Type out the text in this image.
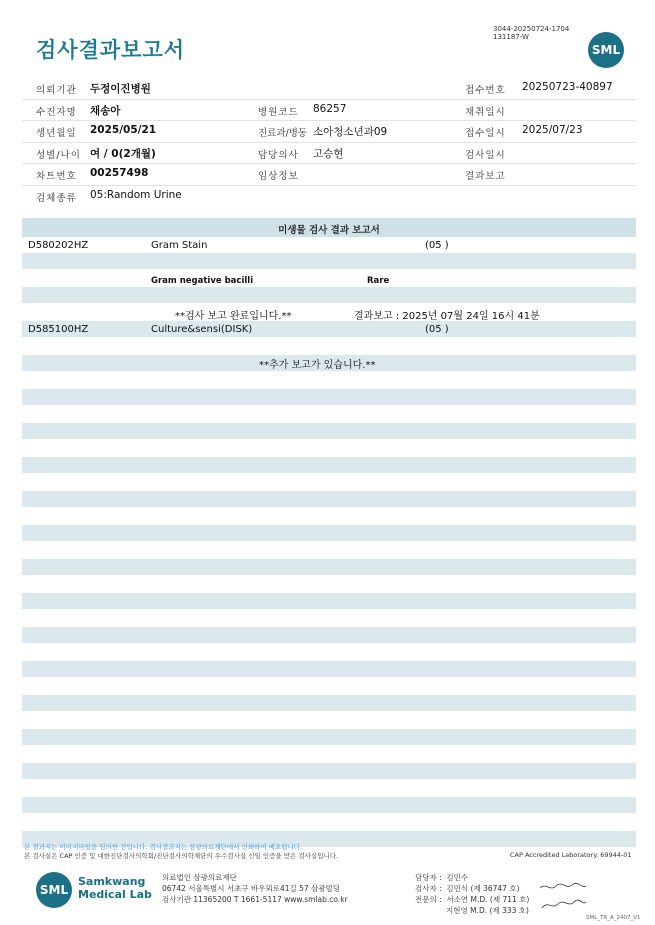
검사결과보고서
3044-20250724-1704
131187-W
SML
의뢰기관 두정이진병원	접수번호 20250723-40897
수진자명 채송아	병원코드 86257	채취일시
생년월일 2025/05/21	진료과/병동 소아청소년과09	접수일시 2025/07/23
성별/나이 여 / 0(2개월)	담당의사 고승현	검사일시
차트번호 00257498	임상정보	결과보고
검체종류 05:Random Urine
미생물 검사 결과 보고서
D580202HZ	Gram Stain	(05 )
Gram negative bacilli	Rare
**검사 보고 완료입니다.**	결과보고 : 2025년 07월 24일 16시 41분
D585100HZ	Culture&sensi(DISK)	(05 )
**추가 보고가 있습니다.**
본 결과지는 이미지파일을 임의한 검입니다. 검사결과지는 삼광의료재단에서 인쇄하여 배포됩니다.
본 검사실은 CAP 인증 및 대한진단검사의학회/진단검사의학재단의 우수검사실 신임 인증을 받은 검사실입니다.	CAP Accredited Laboratory. 69944-01
SML
Samkwang
Medical Lab
의료법인 삼광의료재단
06742 서울특별시 서초구 바우뫼로41길 57 삼광빌딩
검사기관 11365200 T 1661-5117 www.smlab.co.kr
담당자 :  김민수
검사자 :  김민식 (제 36747 호)
전문의 :  서소연 M.D. (제 711 호)
지현영 M.D. (제 333 호)
SML_TR_A_2407_V1
